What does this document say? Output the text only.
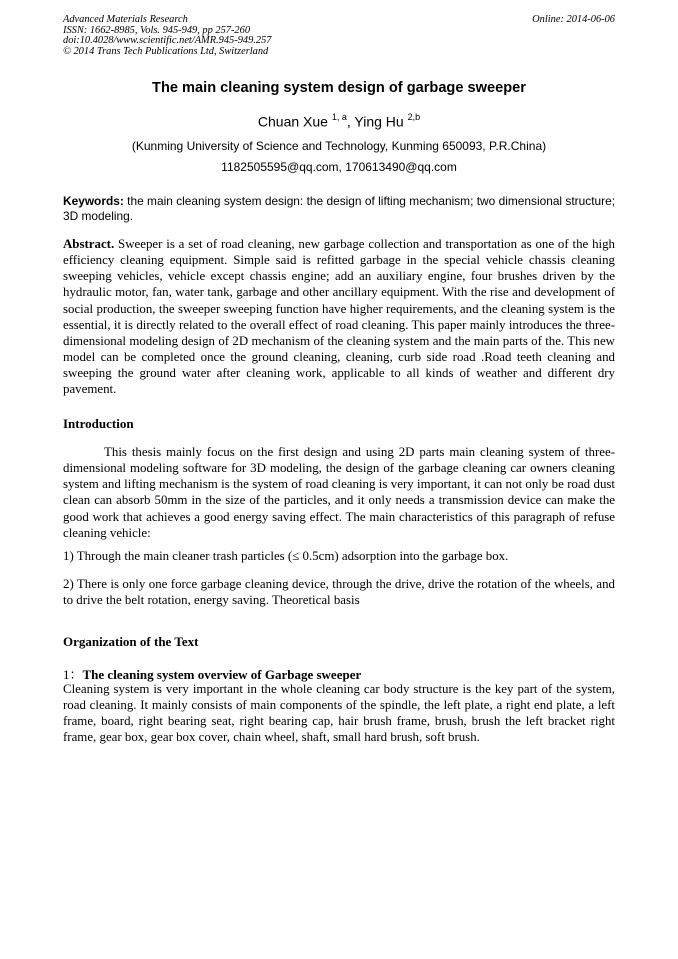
Advanced Materials Research
ISSN: 1662-8985, Vols. 945-949, pp 257-260
doi:10.4028/www.scientific.net/AMR.945-949.257
© 2014 Trans Tech Publications Ltd, Switzerland
Online: 2014-06-06
The main cleaning system design of garbage sweeper
Chuan Xue $^{1, a}$, Ying Hu $^{2,b}$
(Kunming University of Science and Technology, Kunming 650093, P.R.China)
1182505595@qq.com, 170613490@qq.com
Keywords: the main cleaning system design: the design of lifting mechanism; two dimensional structure; 3D modeling.
Abstract. Sweeper is a set of road cleaning, new garbage collection and transportation as one of the high efficiency cleaning equipment. Simple said is refitted garbage in the special vehicle chassis cleaning sweeping vehicles, vehicle except chassis engine; add an auxiliary engine, four brushes driven by the hydraulic motor, fan, water tank, garbage and other ancillary equipment. With the rise and development of social production, the sweeper sweeping function have higher requirements, and the cleaning system is the essential, it is directly related to the overall effect of road cleaning. This paper mainly introduces the three-dimensional modeling design of 2D mechanism of the cleaning system and the main parts of the. This new model can be completed once the ground cleaning, cleaning, curb side road .Road teeth cleaning and sweeping the ground water after cleaning work, applicable to all kinds of weather and different dry pavement.
Introduction
This thesis mainly focus on the first design and using 2D parts main cleaning system of three-dimensional modeling software for 3D modeling, the design of the garbage cleaning car owners cleaning system and lifting mechanism is the system of road cleaning is very important, it can not only be road dust clean can absorb 50mm in the size of the particles, and it only needs a transmission device can make the good work that achieves a good energy saving effect. The main characteristics of this paragraph of refuse cleaning vehicle:
1) Through the main cleaner trash particles (≤ 0.5cm) adsorption into the garbage box.
2) There is only one force garbage cleaning device, through the drive, drive the rotation of the wheels, and to drive the belt rotation, energy saving. Theoretical basis
Organization of the Text
1：The cleaning system overview of Garbage sweeper
Cleaning system is very important in the whole cleaning car body structure is the key part of the system, road cleaning. It mainly consists of main components of the spindle, the left plate, a right end plate, a left frame, board, right bearing seat, right bearing cap, hair brush frame, brush, brush the left bracket right frame, gear box, gear box cover, chain wheel, shaft, small hard brush, soft brush.
